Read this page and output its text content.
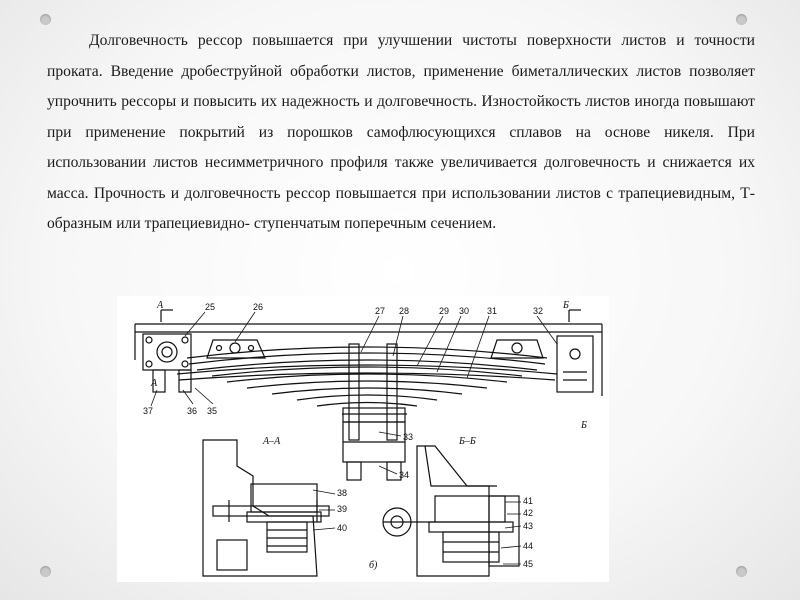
Долговечность рессор повышается при улучшении чистоты поверхности листов и точности проката. Введение дробеструйной обработки листов, применение биметаллических листов позволяет упрочнить рессоры и повысить их надежность и долговечность. Изностойкость листов иногда повышают при применение покрытий из порошков самофлюсующихся сплавов на основе никеля. При использовании листов несимметричного профиля также увеличивается долговечность и снижается их масса. Прочность и долговечность рессор повышается при использовании листов с трапециевидным, Т-образным или трапециевидно- ступенчатым поперечным сечением.
А	Б
А
Б
А–А	Б–Б
б)
25	26	27 28	29 30 31	32
33
34
35
36
37
38
39
40
41
42
43
44
45
